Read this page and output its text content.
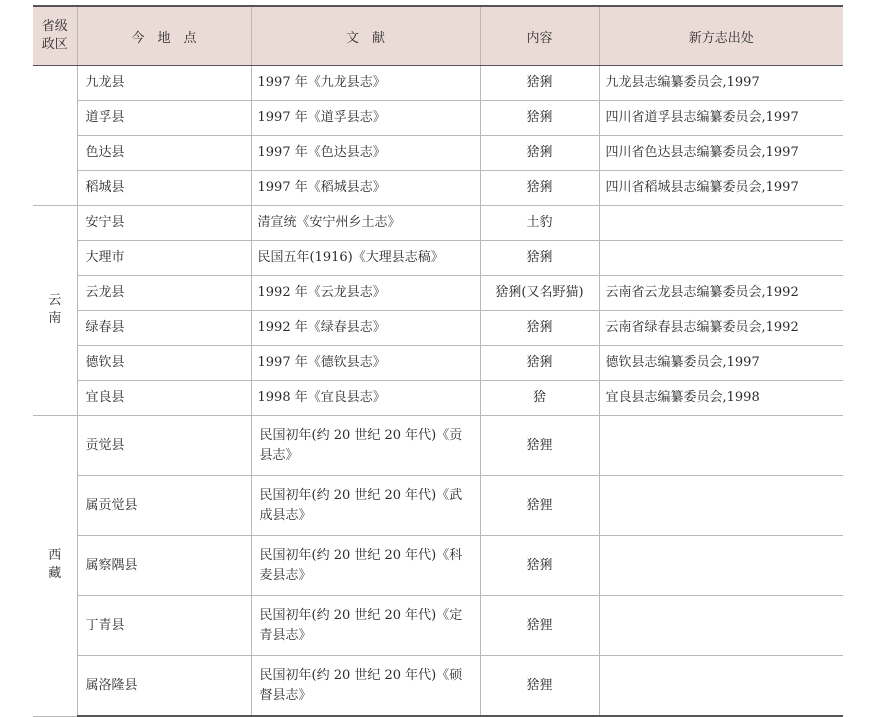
省级
政区	今　地　点	文　献	内容	新方志出处
	九龙县	1997 年《九龙县志》	猞猁	九龙县志编纂委员会,1997
	道孚县	1997 年《道孚县志》	猞猁	四川省道孚县志编纂委员会,1997
	色达县	1997 年《色达县志》	猞猁	四川省色达县志编纂委员会,1997
	稻城县	1997 年《稻城县志》	猞猁	四川省稻城县志编纂委员会,1997
云南	安宁县	清宣统《安宁州乡土志》	土豹	
	大理市	民国五年(1916)《大理县志稿》	猞猁	
	云龙县	1992 年《云龙县志》	猞猁(又名野猫)	云南省云龙县志编纂委员会,1992
	绿春县	1992 年《绿春县志》	猞猁	云南省绿春县志编纂委员会,1992
	德钦县	1997 年《德钦县志》	猞猁	德钦县志编纂委员会,1997
	宜良县	1998 年《宜良县志》	猞	宜良县志编纂委员会,1998
西藏	贡觉县	民国初年(约 20 世纪 20 年代)《贡县志》	猞狸	
	属贡觉县	民国初年(约 20 世纪 20 年代)《武成县志》	猞狸	
	属察隅县	民国初年(约 20 世纪 20 年代)《科麦县志》	猞猁	
	丁青县	民国初年(约 20 世纪 20 年代)《定青县志》	猞狸	
	属洛隆县	民国初年(约 20 世纪 20 年代)《硕督县志》	猞狸	
